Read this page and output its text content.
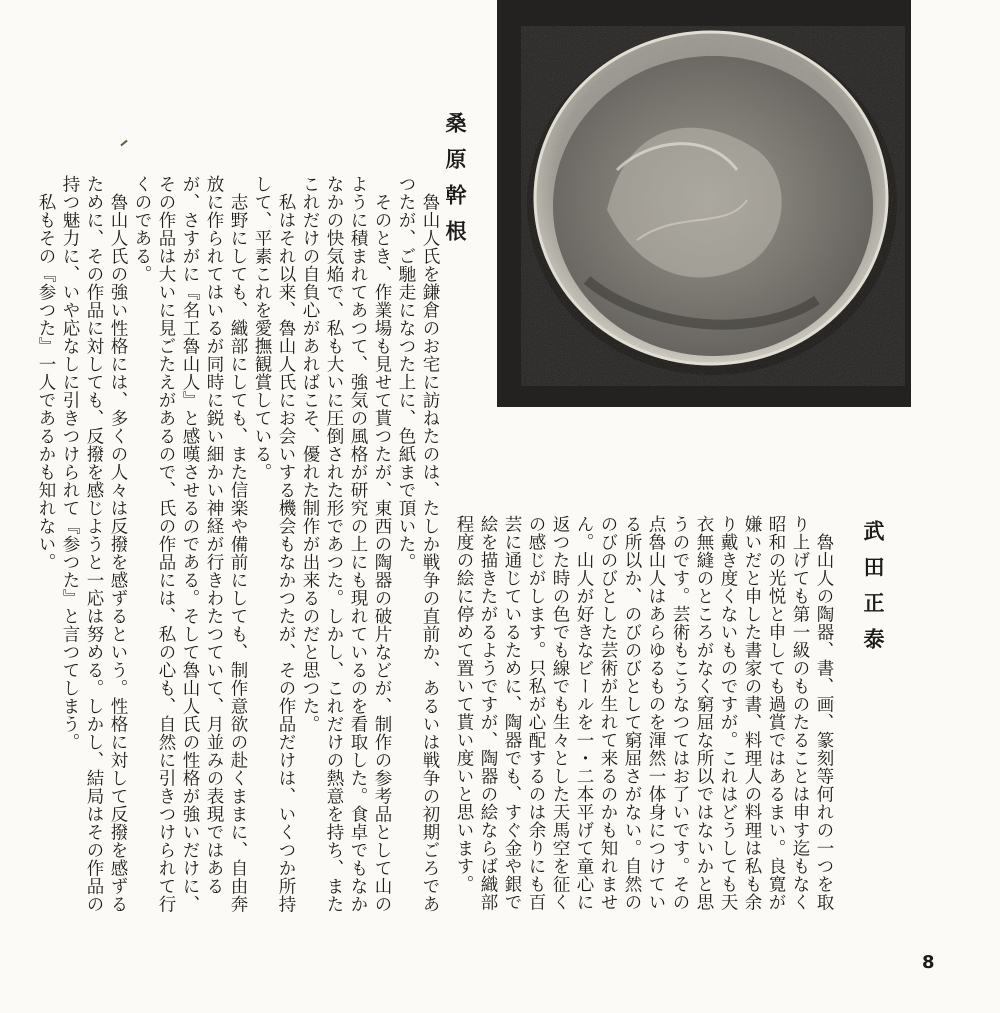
桑原幹根
　魯山人氏を鎌倉のお宅に訪ねたのは、たしか戦争の直前か、あるいは戦争の初期ごろであつたが、ご馳走になつた上に、色紙まで頂いた。
　そのとき、作業場も見せて貰つたが、東西の陶器の破片などが、制作の参考品として山のように積まれてあつて、強気の風格が研究の上にも現れているのを看取した。食卓でもなかなかの快気焔で、私も大いに圧倒された形であつた。しかし、これだけの熱意を持ち、またこれだけの自負心があればこそ、優れた制作が出来るのだと思つた。
　私はそれ以来、魯山人氏にお会いする機会もなかつたが、その作品だけは、いくつか所持して、平素これを愛撫観賞している。
　志野にしても、織部にしても、また信楽や備前にしても、制作意欲の赴くままに、自由奔放に作られてはいるが同時に鋭い細かい神経が行きわたつていて、月並みの表現ではあるが、さすがに『名工魯山人』と感嘆させるのである。そして魯山人氏の性格が強いだけに、その作品は大いに見ごたえがあるので、氏の作品には、私の心も、自然に引きつけられて行くのである。
　魯山人氏の強い性格には、多くの人々は反撥を感ずるという。性格に対して反撥を感ずるために、その作品に対しても、反撥を感じようと一応は努める。しかし、結局はその作品の持つ魅力に、いや応なしに引きつけられて『参つた』と言つてしまう。
　私もその『参つた』一人であるかも知れない。
武田正泰
　魯山人の陶器、書、画、篆刻等何れの一つを取り上げても第一級のものたることは申す迄もなく昭和の光悦と申しても過賞ではあるまい。良寛が嫌いだと申した書家の書、料理人の料理は私も余り戴き度くないものですが。これはどうしても天衣無縫のところがなく窮屈な所以ではないかと思うのです。芸術もこうなつてはお了いです。その点魯山人はあらゆるものを渾然一体身につけている所以か、のびのびとして窮屈さがない。自然ののびのびとした芸術が生れて来るのかも知れません。山人が好きなビールを一・二本平げて童心に返つた時の色でも線でも生々とした天馬空を征くの感じがします。只私が心配するのは余りにも百芸に通じているために、陶器でも、すぐ金や銀で絵を描きたがるようですが、陶器の絵ならば織部程度の絵に停めて置いて貰い度いと思います。
8
